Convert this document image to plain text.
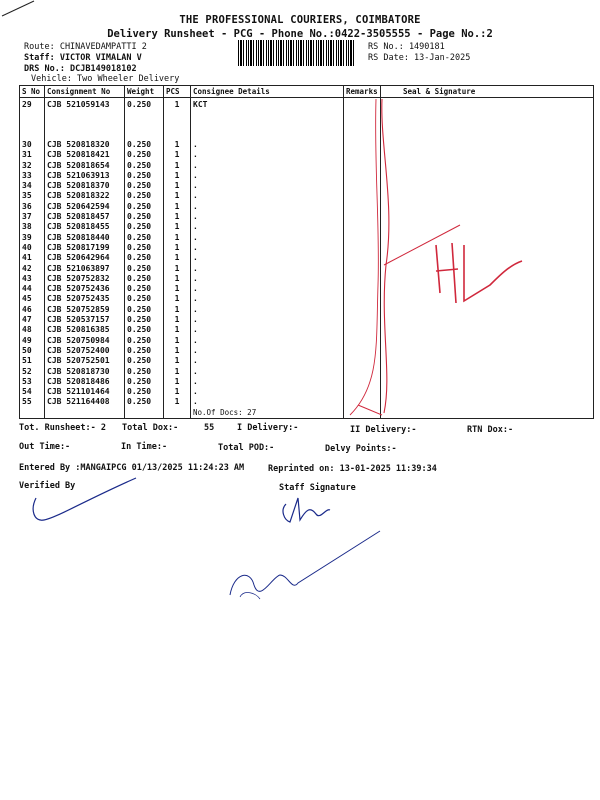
THE PROFESSIONAL COURIERS, COIMBATORE
Delivery Runsheet - PCG - Phone No.:0422-3505555 - Page No.:2
Route: CHINAVEDAMPATTI 2
Staff: VICTOR VIMALAN V
DRS No.: DCJB149018102
Vehicle: Two Wheeler Delivery
RS No.: 1490181
RS Date: 13-Jan-2025
S No	Consignment No	Weight	PCS	Consignee Details	Remarks	Seal & Signature
29	CJB 521059143	0.250	1	KCT		
30	CJB 520818320	0.250	1	.		
31	CJB 520818421	0.250	1	.		
32	CJB 520818654	0.250	1	.		
33	CJB 521063913	0.250	1	.		
34	CJB 520818370	0.250	1	.		
35	CJB 520818322	0.250	1	.		
36	CJB 520642594	0.250	1	.		
37	CJB 520818457	0.250	1	.		
38	CJB 520818455	0.250	1	.		
39	CJB 520818440	0.250	1	.		
40	CJB 520817199	0.250	1	.		
41	CJB 520642964	0.250	1	.		
42	CJB 521063897	0.250	1	.		
43	CJB 520752832	0.250	1	.		
44	CJB 520752436	0.250	1	.		
45	CJB 520752435	0.250	1	.		
46	CJB 520752859	0.250	1	.		
47	CJB 520537157	0.250	1	.		
48	CJB 520816385	0.250	1	.		
49	CJB 520750984	0.250	1	.		
50	CJB 520752400	0.250	1	.		
51	CJB 520752501	0.250	1	.		
52	CJB 520818730	0.250	1	.		
53	CJB 520818486	0.250	1	.		
54	CJB 521101464	0.250	1	.		
55	CJB 521164408	0.250	1	.		
				No.Of Docs: 27		
Tot. Runsheet:- 2 Total Dox:-	55	I Delivery:-	II Delivery:-	RTN Dox:-
Out Time:-	In Time:-	Total POD:-	Delvy Points:-
Entered By :MANGAIPCG 01/13/2025 11:24:23 AM	Reprinted on: 13-01-2025 11:39:34
Verified By	Staff Signature
